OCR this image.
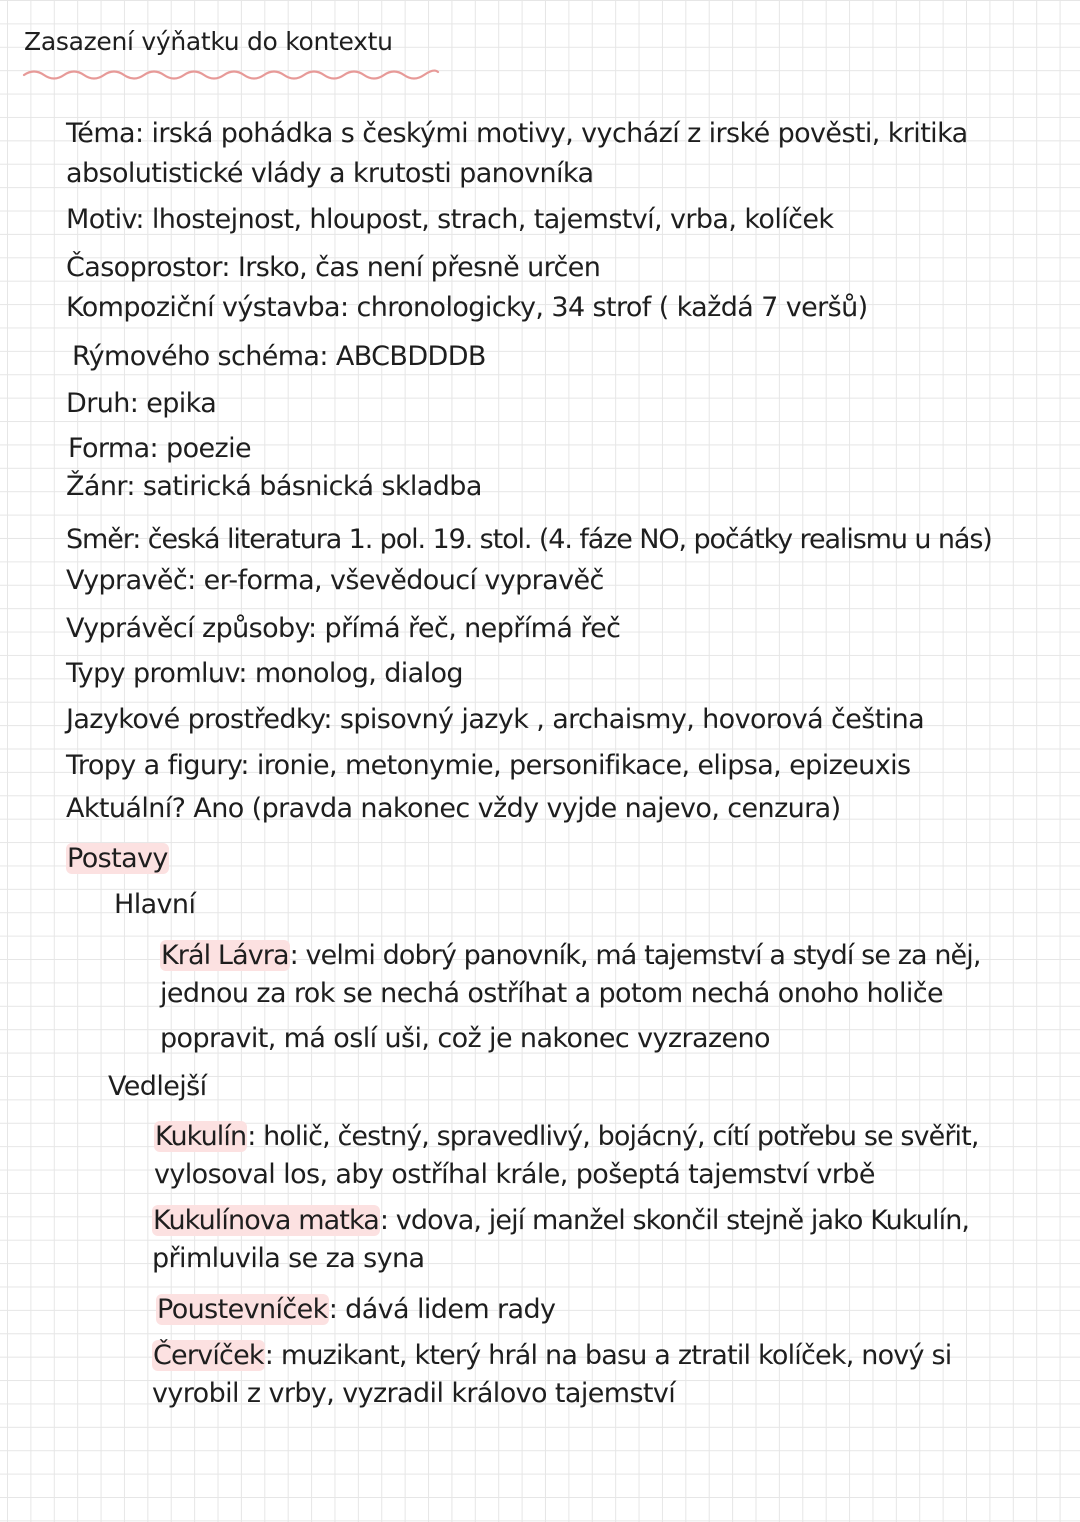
Zasazení výňatku do kontextu
Téma: irská pohádka s českými motivy, vychází z irské pověsti, kritika
absolutistické vlády a krutosti panovníka
Motiv: lhostejnost, hloupost, strach, tajemství, vrba, kolíček
Časoprostor: Irsko, čas není přesně určen
Kompoziční výstavba: chronologicky, 34 strof ( každá 7 veršů)
Rýmového schéma: ABCBDDDB
Druh: epika
Forma: poezie
Žánr: satirická básnická skladba
Směr: česká literatura 1. pol. 19. stol. (4. fáze NO, počátky realismu u nás)
Vypravěč: er-forma, vševědoucí vypravěč
Vyprávěcí způsoby: přímá řeč, nepřímá řeč
Typy promluv: monolog, dialog
Jazykové prostředky: spisovný jazyk , archaismy, hovorová čeština
Tropy a figury: ironie, metonymie, personifikace, elipsa, epizeuxis
Aktuální? Ano (pravda nakonec vždy vyjde najevo, cenzura)
Postavy
Hlavní
Král Lávra: velmi dobrý panovník, má tajemství a stydí se za něj,
jednou za rok se nechá ostříhat a potom nechá onoho holiče
popravit, má oslí uši, což je nakonec vyzrazeno
Vedlejší
Kukulín: holič, čestný, spravedlivý, bojácný, cítí potřebu se svěřit,
vylosoval los, aby ostříhal krále, pošeptá tajemství vrbě
Kukulínova matka: vdova, její manžel skončil stejně jako Kukulín,
přimluvila se za syna
Poustevníček: dává lidem rady
Červíček: muzikant, který hrál na basu a ztratil kolíček, nový si
vyrobil z vrby, vyzradil královo tajemství
